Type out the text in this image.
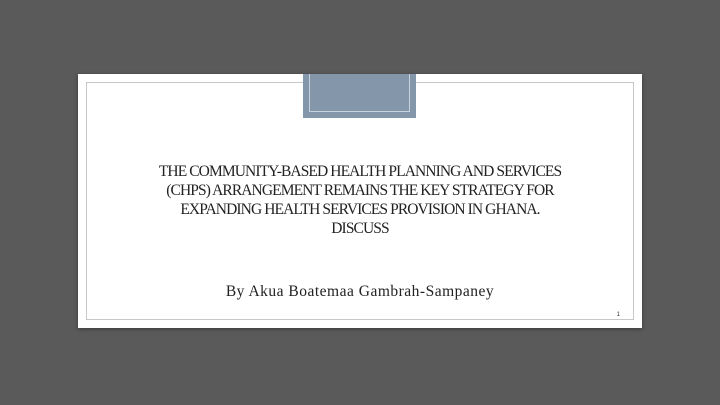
THE COMMUNITY-BASED HEALTH PLANNING AND SERVICES
(CHPS) ARRANGEMENT REMAINS THE KEY STRATEGY FOR
EXPANDING HEALTH SERVICES PROVISION IN GHANA.
DISCUSS
By Akua Boatemaa Gambrah-Sampaney
1
